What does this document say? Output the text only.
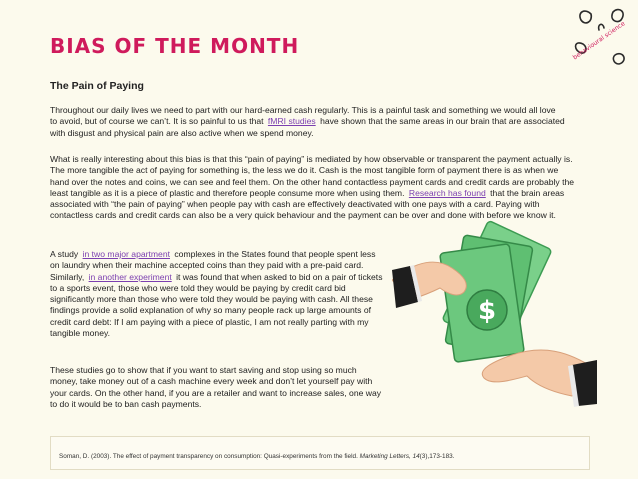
behavioural science
BIAS OF THE MONTH
The Pain of Paying
Throughout our daily lives we need to part with our hard-earned cash regularly. This is a painful task and something we would all love to avoid, but of course we can’t. It is so painful to us that fMRI studies have shown that the same areas in our brain that are associated with disgust and physical pain are also active when we spend money.
What is really interesting about this bias is that this “pain of paying” is mediated by how observable or transparent the payment actually is. The more tangible the act of paying for something is, the less we do it. Cash is the most tangible form of payment there is as when we hand over the notes and coins, we can see and feel them. On the other hand contactless payment cards and credit cards are probably the least tangible as it is a piece of plastic and therefore people consume more when using them. Research has found that the brain areas associated with “the pain of paying” when people pay with cash are effectively deactivated with one pays with a card. Paying with contactless cards and credit cards can also be a very quick behaviour and the payment can be over and done with before we know it.
A study in two major apartment complexes in the States found that people spent less on laundry when their machine accepted coins than they paid with a pre-paid card. Similarly, in another experiment it was found that when asked to bid on a pair of tickets to a sports event, those who were told they would be paying by credit card bid significantly more than those who were told they would be paying with cash. All these findings provide a solid explanation of why so many people rack up large amounts of credit card debt: If I am paying with a piece of plastic, I am not really parting with my tangible money.
These studies go to show that if you want to start saving and stop using so much money, take money out of a cash machine every week and don’t let yourself pay with your cards. On the other hand, if you are a retailer and want to increase sales, one way to do it would be to ban cash payments.
$
Soman, D. (2003). The effect of payment transparency on consumption: Quasi-experiments from the field. Marketing Letters, 14(3),173-183.
